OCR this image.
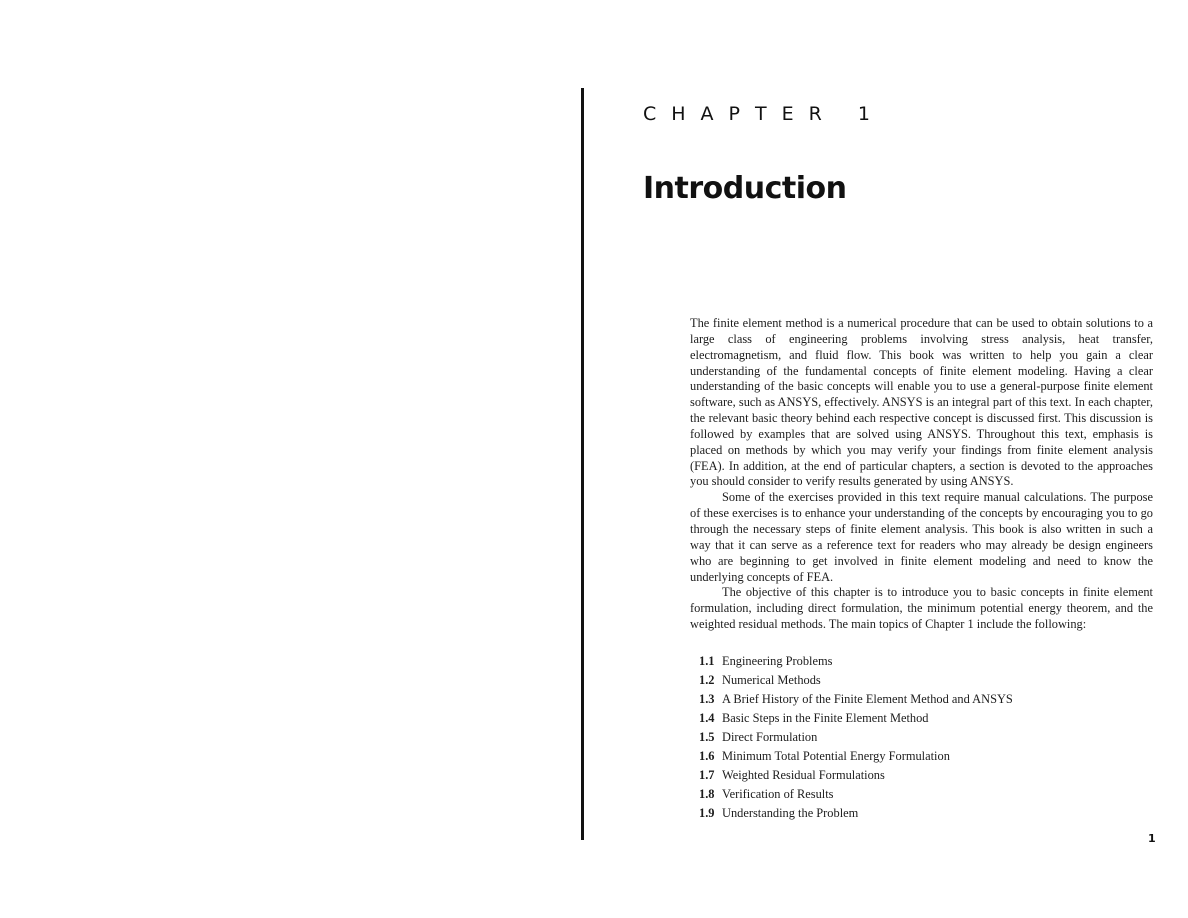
CHAPTER 1
Introduction

The finite element method is a numerical procedure that can be used to obtain solutions to a large class of engineering problems involving stress analysis, heat transfer, electromagnetism, and fluid flow. This book was written to help you gain a clear understanding of the fundamental concepts of finite element modeling. Having a clear understanding of the basic concepts will enable you to use a general-purpose finite element software, such as ANSYS, effectively. ANSYS is an integral part of this text. In each chapter, the relevant basic theory behind each respective concept is discussed first. This discussion is followed by examples that are solved using ANSYS. Throughout this text, emphasis is placed on methods by which you may verify your findings from finite element analysis (FEA). In addition, at the end of particular chapters, a section is devoted to the approaches you should consider to verify results generated by using ANSYS.

Some of the exercises provided in this text require manual calculations. The purpose of these exercises is to enhance your understanding of the concepts by encouraging you to go through the necessary steps of finite element analysis. This book is also written in such a way that it can serve as a reference text for readers who may already be design engineers who are beginning to get involved in finite element modeling and need to know the underlying concepts of FEA.

The objective of this chapter is to introduce you to basic concepts in finite element formulation, including direct formulation, the minimum potential energy theorem, and the weighted residual methods. The main topics of Chapter 1 include the following:

1.1 Engineering Problems
1.2 Numerical Methods
1.3 A Brief History of the Finite Element Method and ANSYS
1.4 Basic Steps in the Finite Element Method
1.5 Direct Formulation
1.6 Minimum Total Potential Energy Formulation
1.7 Weighted Residual Formulations
1.8 Verification of Results
1.9 Understanding the Problem
1
